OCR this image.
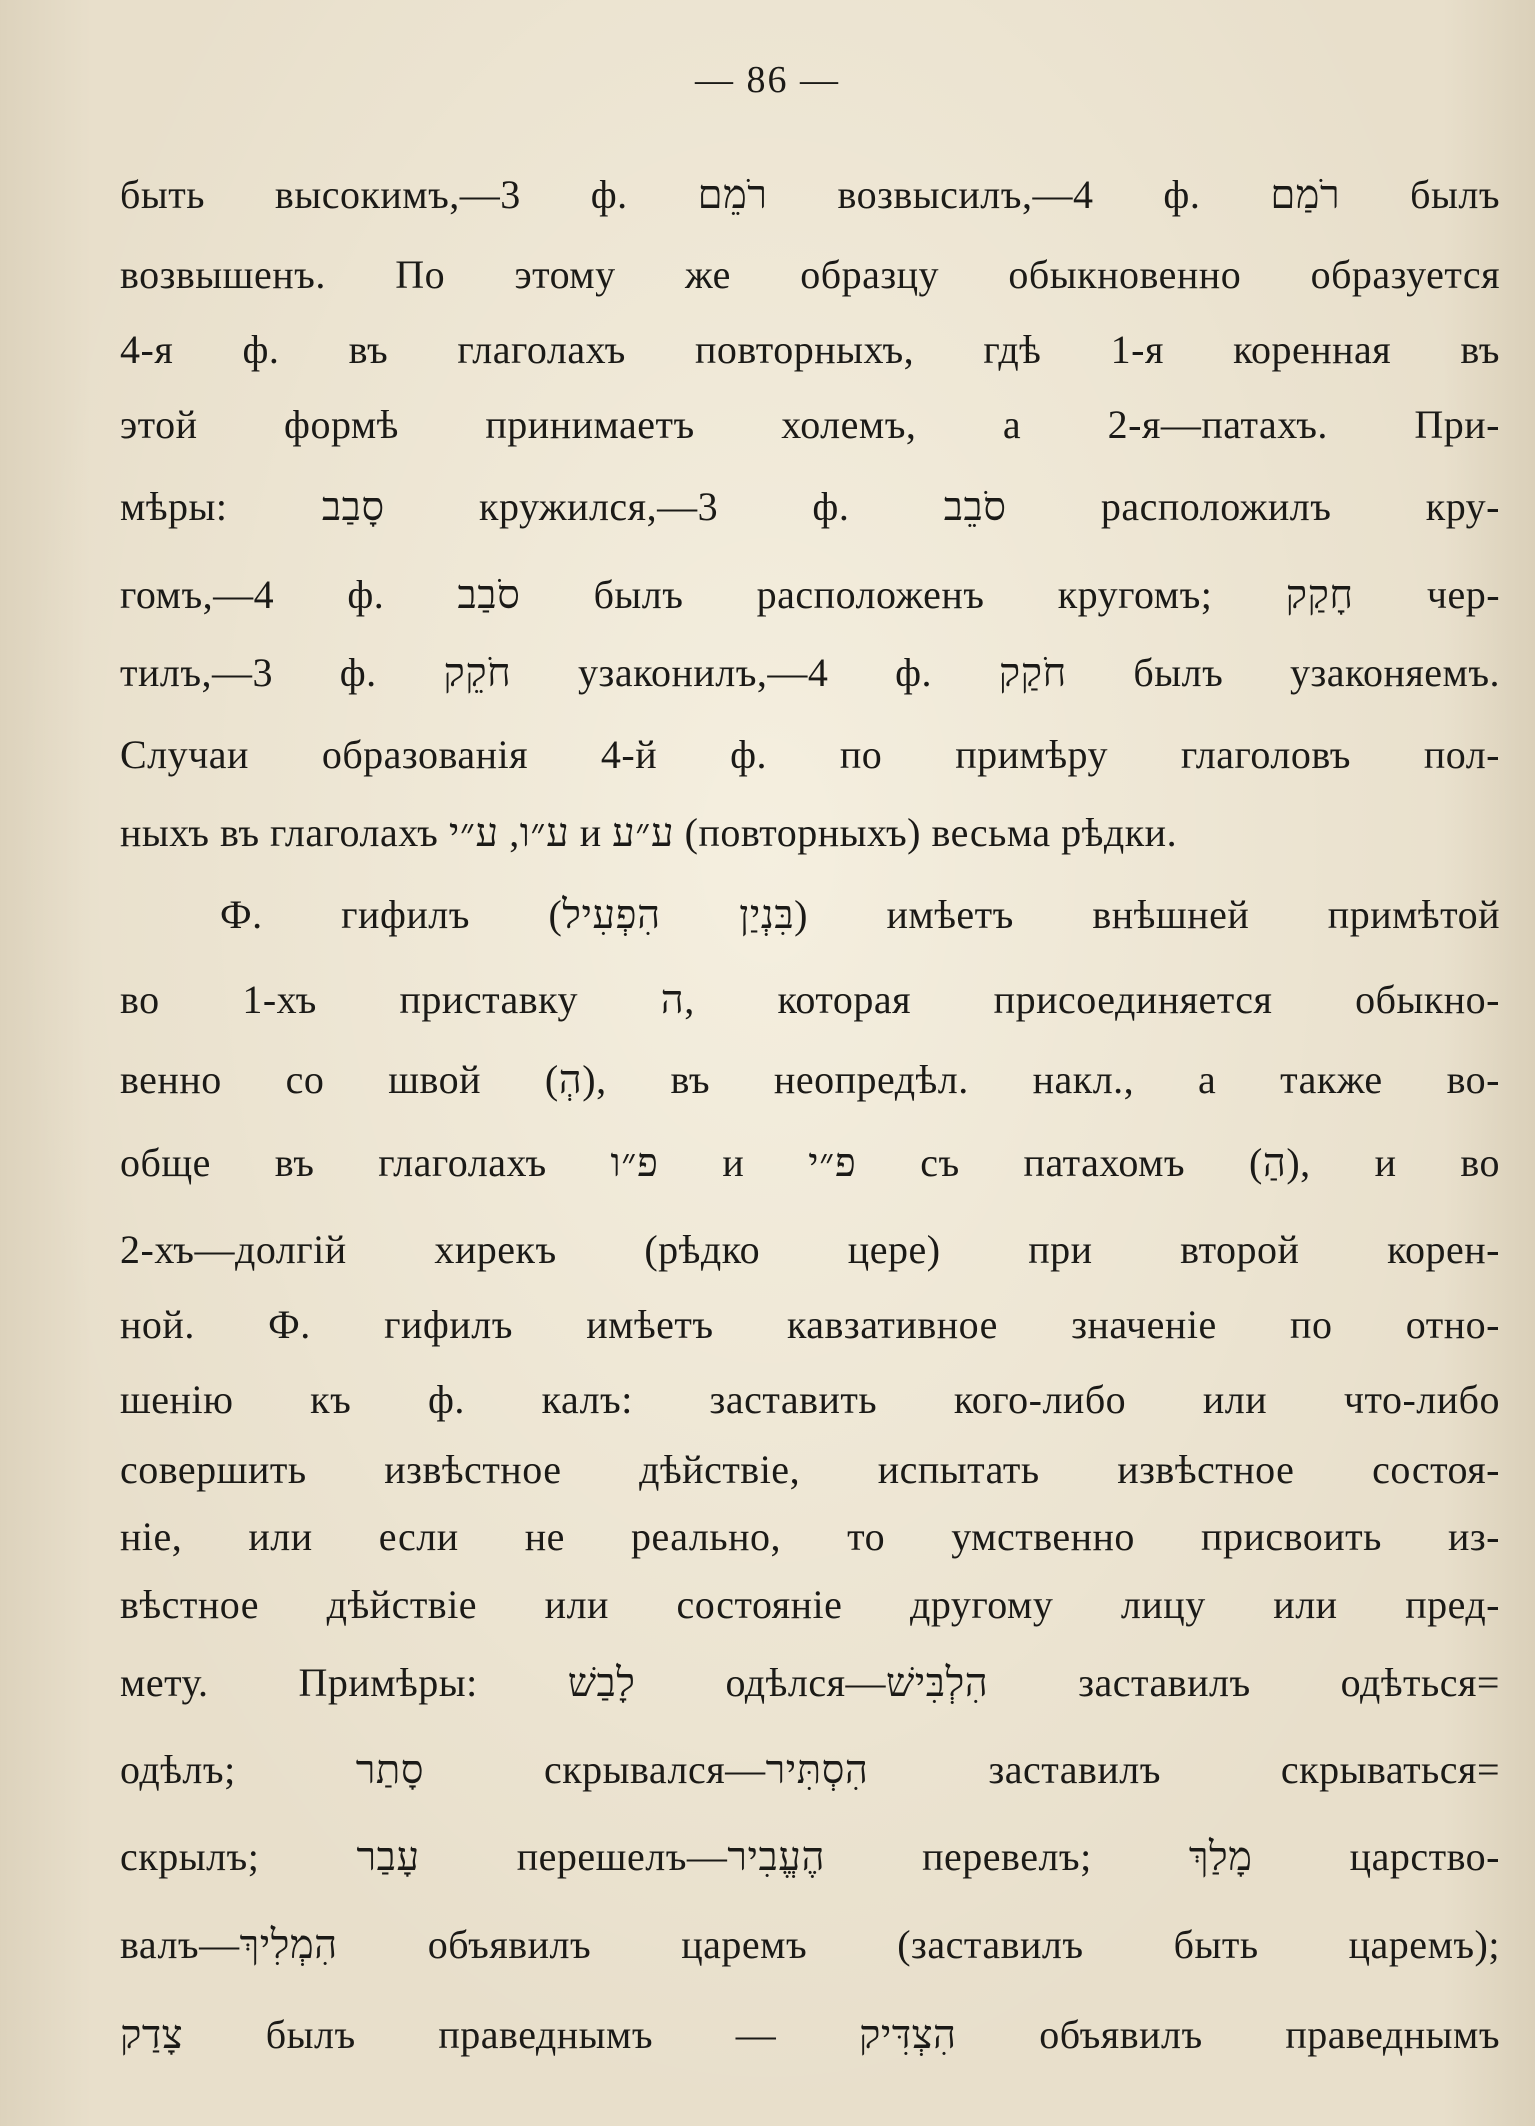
— 86 —
быть высокимъ,—3 ф. רֹמֵם возвысилъ,—4 ф. רֹמַם былъ
возвышенъ. По этому же образцу обыкновенно образуется
4-я ф. въ глаголахъ повторныхъ, гдѣ 1-я коренная въ
этой формѣ принимаетъ холемъ, а 2-я—патахъ. При-
мѣры: סָבַב кружился,—3 ф. סֹבֵב расположилъ кру-
гомъ,—4 ф. סֹבַב былъ расположенъ кругомъ; חָקַק чер-
тилъ,—3 ф. חֹקֵק узаконилъ,—4 ф. חֹקַק былъ узаконяемъ.
Случаи образованія 4-й ф. по примѣру глаголовъ пол-
ныхъ въ глаголахъ ע״ו, ע״י и ע״ע (повторныхъ) весьма рѣдки.
Ф. гифилъ (בִּנְיַן הִפְעִיל) имѣетъ внѣшней примѣтой
во 1-хъ приставку ה, которая присоединяется обыкно-
венно со швой (הְ), въ неопредѣл. накл., а также во-
обще въ глаголахъ פ״ו и פ״י съ патахомъ (הַ), и во
2-хъ—долгій хирекъ (рѣдко цере) при второй корен-
ной. Ф. гифилъ имѣетъ кавзативное значеніе по отно-
шенію къ ф. калъ: заставить кого-либо или что-либо
совершить извѣстное дѣйствіе, испытать извѣстное состоя-
ніе, или если не реально, то умственно присвоить из-
вѣстное дѣйствіе или состояніе другому лицу или пред-
мету. Примѣры: לָבַשׁ одѣлся—הִלְבִּישׁ заставилъ одѣться=
одѣлъ; סָתַר скрывался—הִסְתִּיר заставилъ скрываться=
скрылъ; עָבַר перешелъ—הֶעֱבִיר перевелъ; מָלַךְ царство-
валъ—הִמְלִיךְ объявилъ царемъ (заставилъ быть царемъ);
צָדַק былъ праведнымъ — הִצְדִּיק объявилъ праведнымъ
